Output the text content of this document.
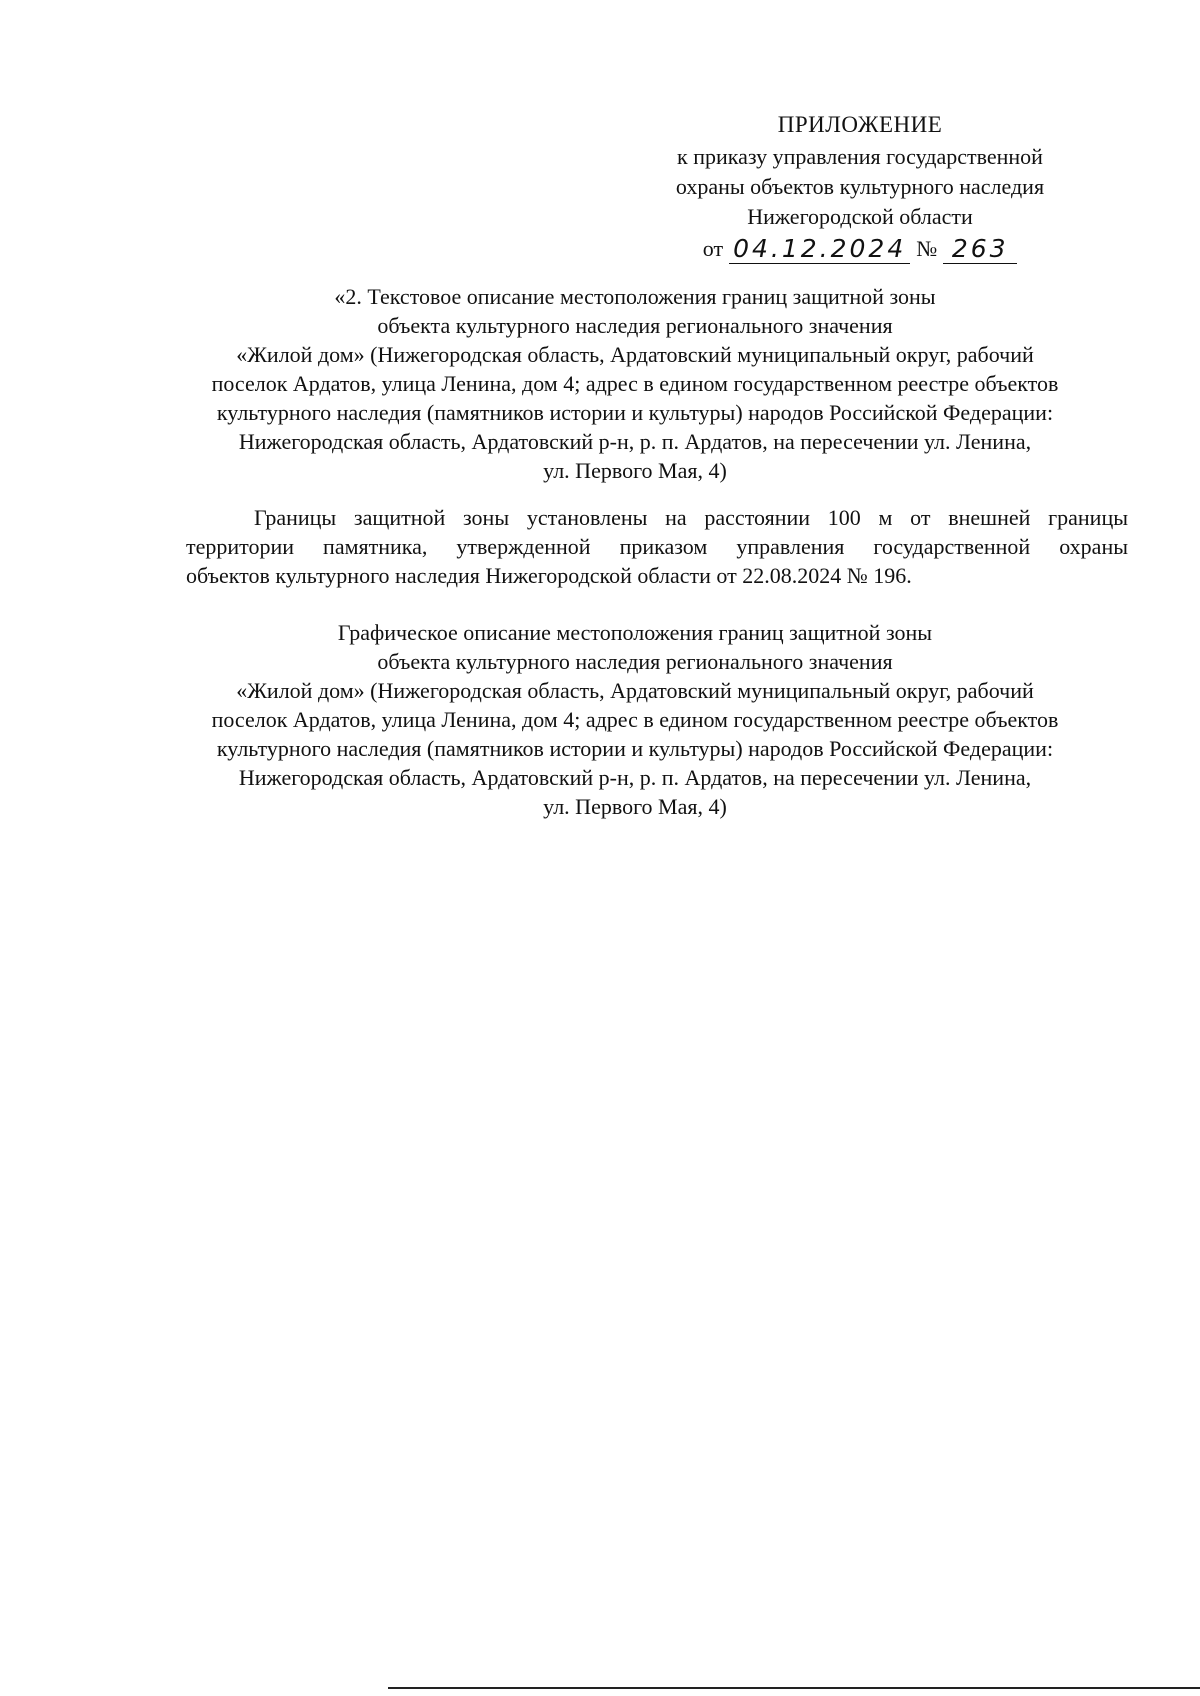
ПРИЛОЖЕНИЕ
к приказу управления государственной
охраны объектов культурного наследия
Нижегородской области
от 04.12.2024 № 263
«2. Текстовое описание местоположения границ защитной зоны
объекта культурного наследия регионального значения
«Жилой дом» (Нижегородская область, Ардатовский муниципальный округ, рабочий
поселок Ардатов, улица Ленина, дом 4; адрес в едином государственном реестре объектов
культурного наследия (памятников истории и культуры) народов Российской Федерации:
Нижегородская область, Ардатовский р-н, р. п. Ардатов, на пересечении ул. Ленина,
ул. Первого Мая, 4)
Границы защитной зоны установлены на расстоянии 100 м от внешней границы
территории памятника, утвержденной приказом управления государственной охраны
объектов культурного наследия Нижегородской области от 22.08.2024 № 196.
Графическое описание местоположения границ защитной зоны
объекта культурного наследия регионального значения
«Жилой дом» (Нижегородская область, Ардатовский муниципальный округ, рабочий
поселок Ардатов, улица Ленина, дом 4; адрес в едином государственном реестре объектов
культурного наследия (памятников истории и культуры) народов Российской Федерации:
Нижегородская область, Ардатовский р-н, р. п. Ардатов, на пересечении ул. Ленина,
ул. Первого Мая, 4)
